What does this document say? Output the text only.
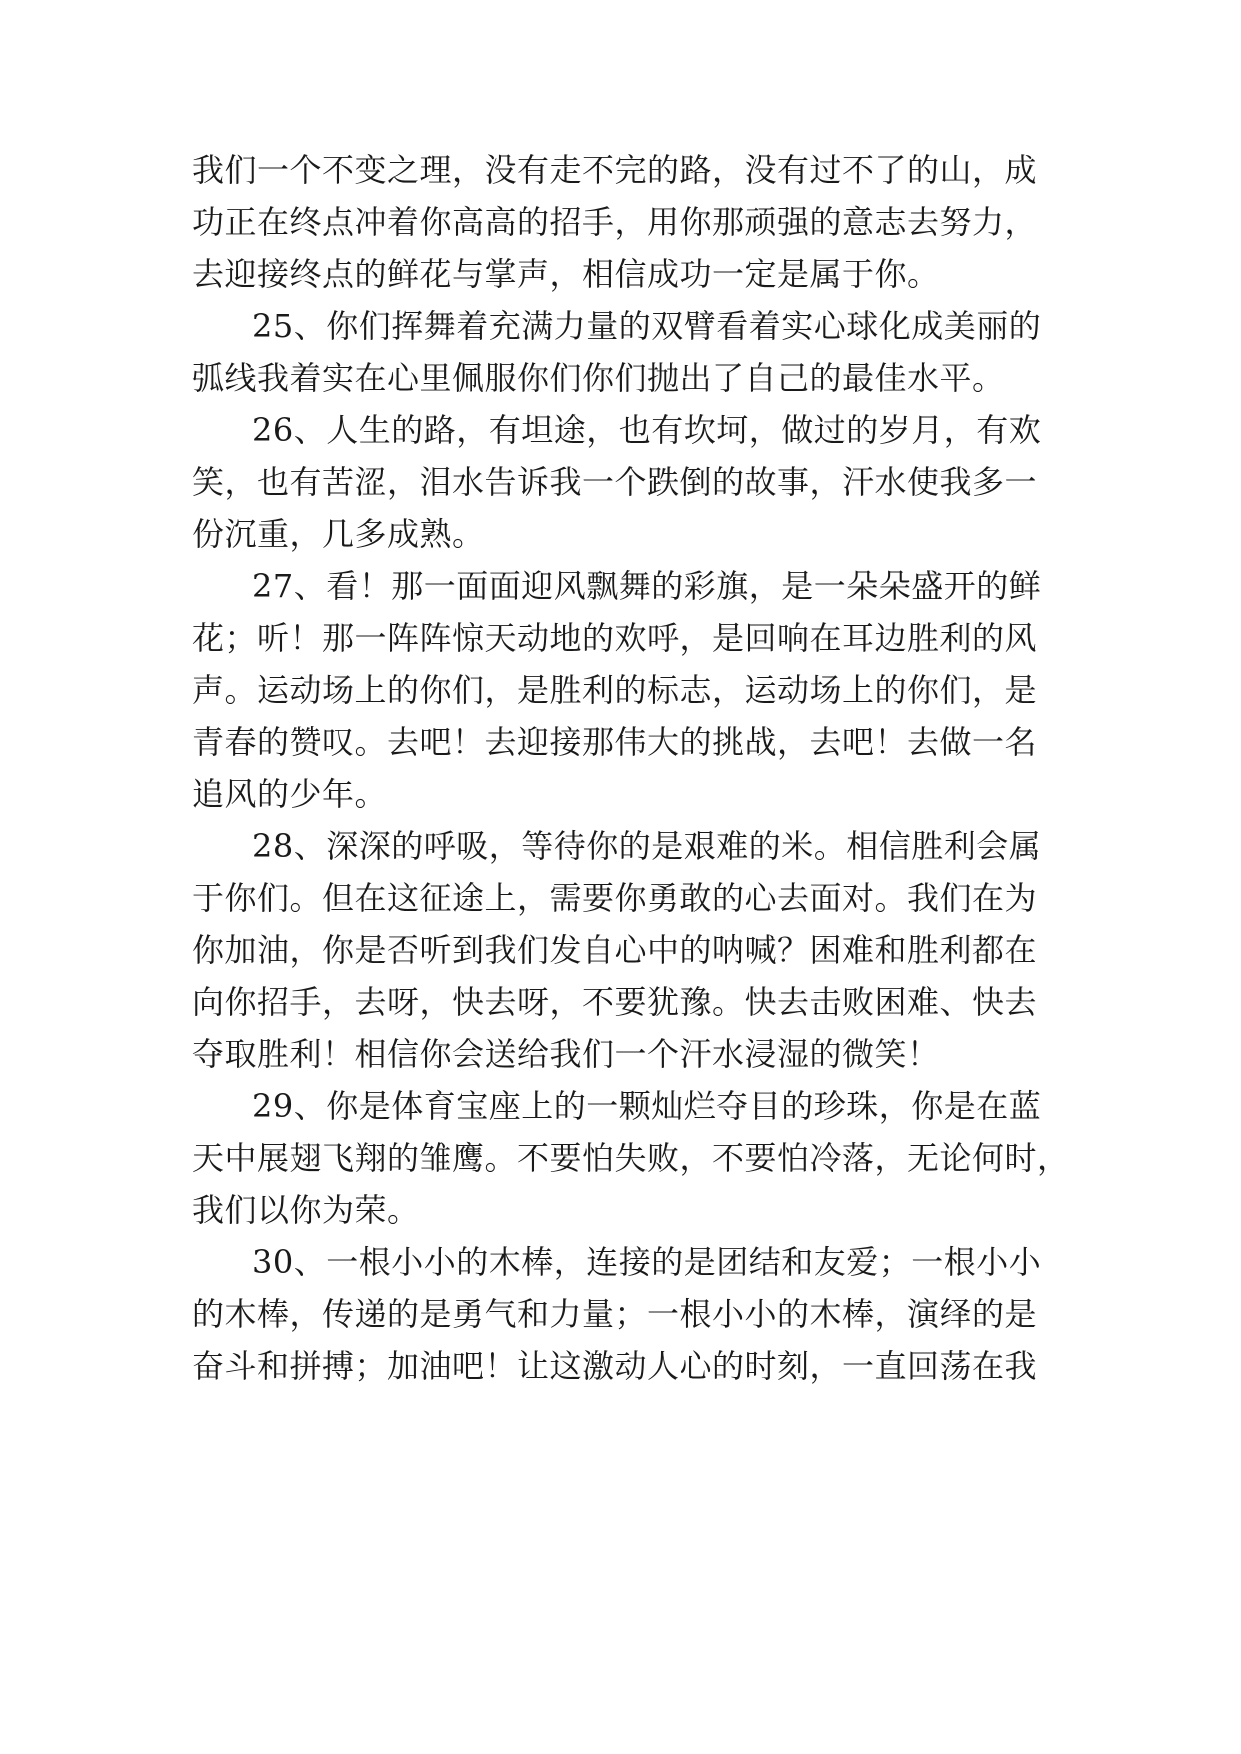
我们一个不变之理，没有走不完的路，没有过不了的山，成
功正在终点冲着你高高的招手，用你那顽强的意志去努力，
去迎接终点的鲜花与掌声，相信成功一定是属于你。
25、你们挥舞着充满力量的双臂看着实心球化成美丽的
弧线我着实在心里佩服你们你们抛出了自己的最佳水平。
26、人生的路，有坦途，也有坎坷，做过的岁月，有欢
笑，也有苦涩，泪水告诉我一个跌倒的故事，汗水使我多一
份沉重，几多成熟。
27、看！那一面面迎风飘舞的彩旗，是一朵朵盛开的鲜
花；听！那一阵阵惊天动地的欢呼，是回响在耳边胜利的风
声。运动场上的你们，是胜利的标志，运动场上的你们，是
青春的赞叹。去吧！去迎接那伟大的挑战，去吧！去做一名
追风的少年。
28、深深的呼吸，等待你的是艰难的米。相信胜利会属
于你们。但在这征途上，需要你勇敢的心去面对。我们在为
你加油，你是否听到我们发自心中的呐喊？困难和胜利都在
向你招手，去呀，快去呀，不要犹豫。快去击败困难、快去
夺取胜利！相信你会送给我们一个汗水浸湿的微笑！
29、你是体育宝座上的一颗灿烂夺目的珍珠，你是在蓝
天中展翅飞翔的雏鹰。不要怕失败，不要怕冷落，无论何时，
我们以你为荣。
30、一根小小的木棒，连接的是团结和友爱；一根小小
的木棒，传递的是勇气和力量；一根小小的木棒，演绎的是
奋斗和拼搏；加油吧！让这激动人心的时刻，一直回荡在我
